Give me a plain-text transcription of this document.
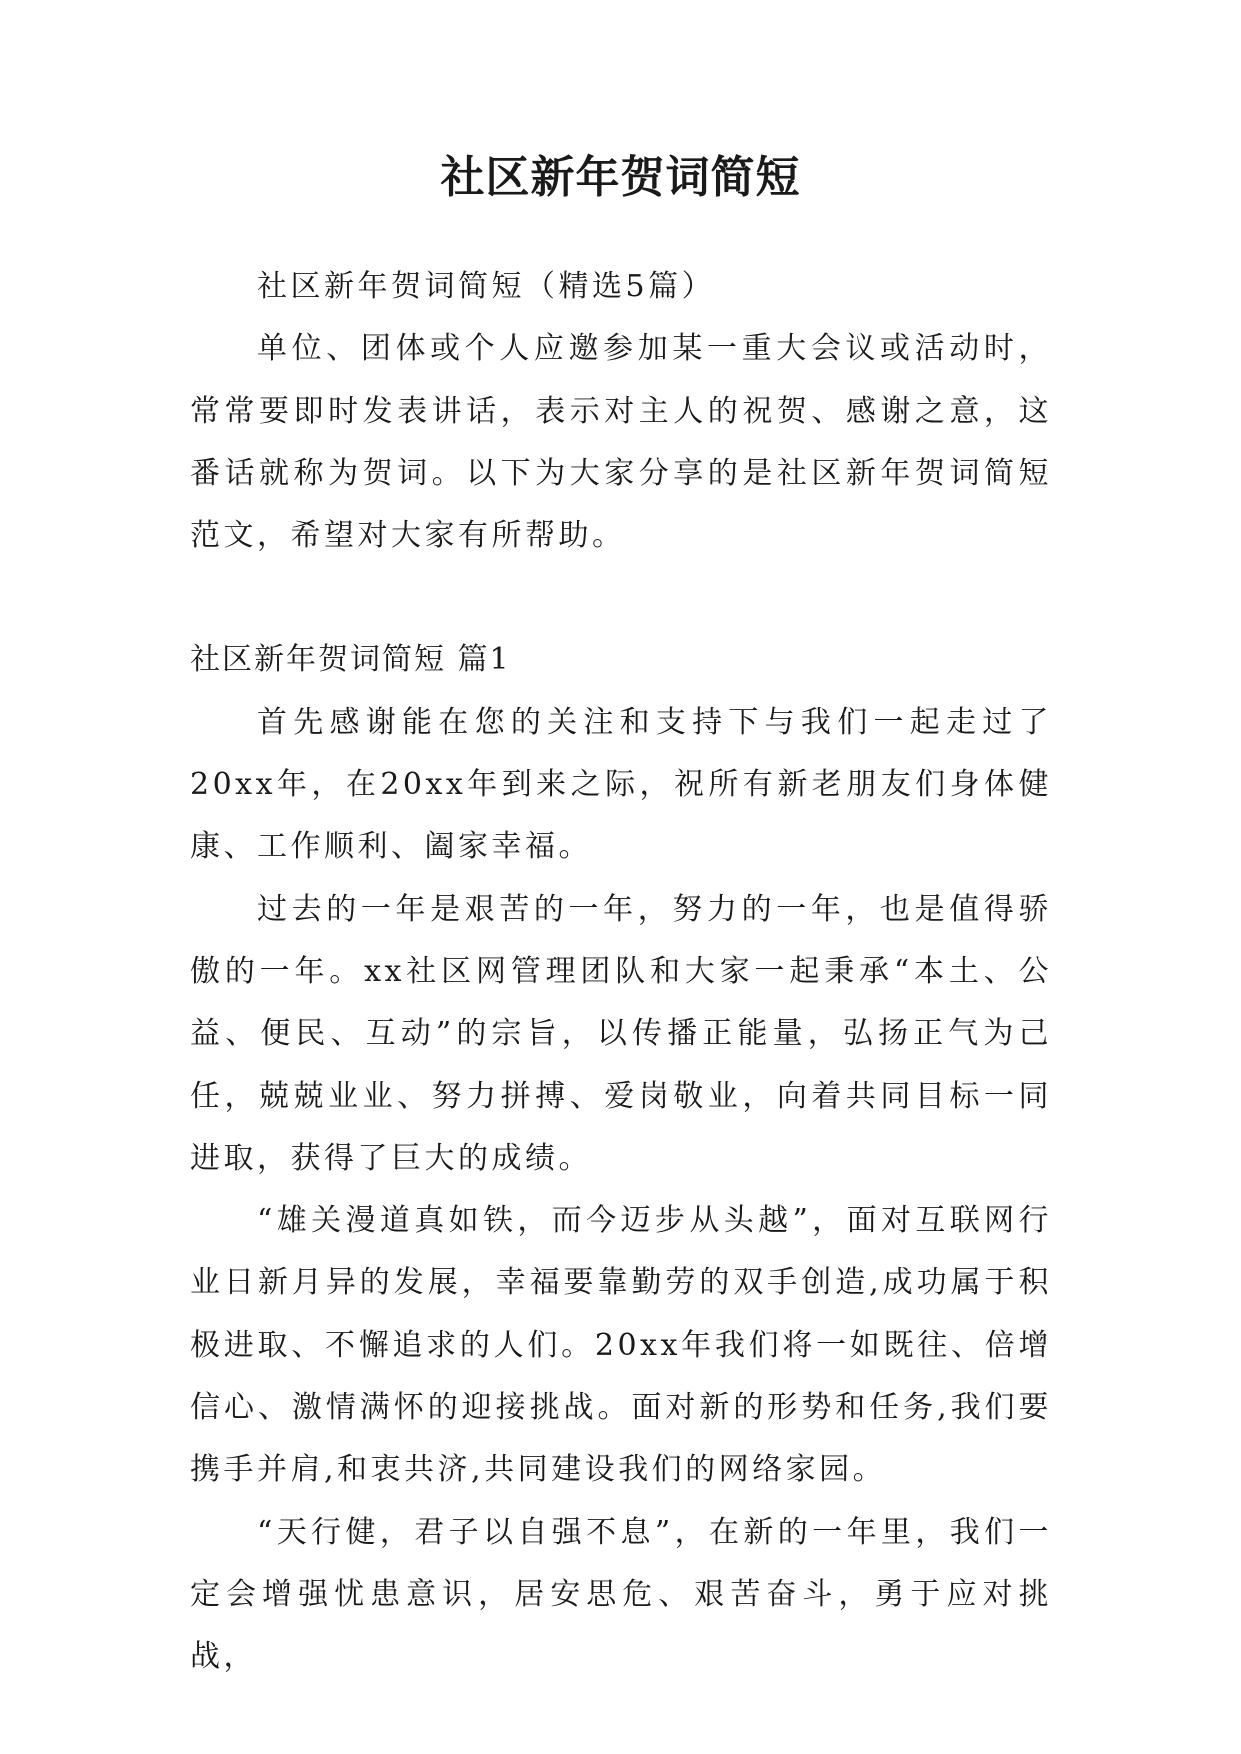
社区新年贺词简短

社区新年贺词简短（精选5篇）

单位、团体或个人应邀参加某一重大会议或活动时，常常要即时发表讲话，表示对主人的祝贺、感谢之意，这番话就称为贺词。以下为大家分享的是社区新年贺词简短范文，希望对大家有所帮助。

社区新年贺词简短 篇1

首先感谢能在您的关注和支持下与我们一起走过了20xx年，在20xx年到来之际，祝所有新老朋友们身体健康、工作顺利、阖家幸福。

过去的一年是艰苦的一年，努力的一年，也是值得骄傲的一年。xx社区网管理团队和大家一起秉承“本土、公益、便民、互动”的宗旨，以传播正能量，弘扬正气为己任，兢兢业业、努力拼搏、爱岗敬业，向着共同目标一同进取，获得了巨大的成绩。

“雄关漫道真如铁，而今迈步从头越”，面对互联网行业日新月异的发展，幸福要靠勤劳的双手创造,成功属于积极进取、不懈追求的人们。20xx年我们将一如既往、倍增信心、激情满怀的迎接挑战。面对新的形势和任务,我们要携手并肩,和衷共济,共同建设我们的网络家园。

“天行健，君子以自强不息”，在新的一年里，我们一定会增强忧患意识，居安思危、艰苦奋斗，勇于应对挑战，
